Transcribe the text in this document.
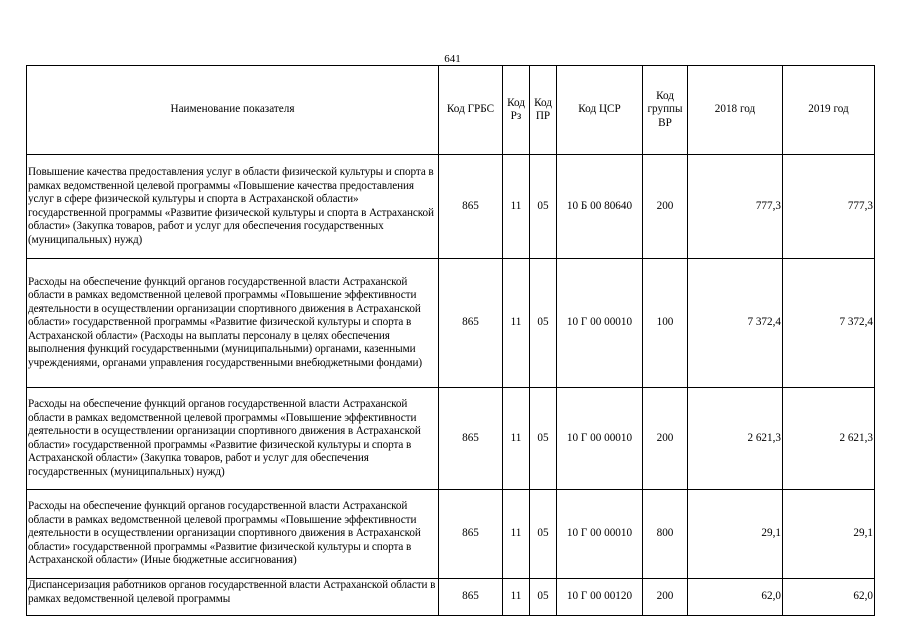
641
Наименование показателя	Код ГРБС	Код Рз	Код ПР	Код ЦСР	Код группы ВР	2018 год	2019 год
Повышение качества предоставления услуг в области физической культуры и спорта в рамках ведомственной целевой программы «Повышение качества предоставления услуг в сфере физической культуры и спорта в Астраханской области» государственной программы «Развитие физической культуры и спорта в Астраханской области» (Закупка товаров, работ и услуг для обеспечения государственных (муниципальных) нужд)	865	11	05	10 Б 00 80640	200	777,3	777,3
Расходы на обеспечение функций органов государственной власти Астраханской области в рамках ведомственной целевой программы «Повышение эффективности деятельности в осуществлении организации спортивного движения в Астраханской области» государственной программы «Развитие физической культуры и спорта в Астраханской области» (Расходы на выплаты персоналу в целях обеспечения выполнения функций государственными (муниципальными) органами, казенными учреждениями, органами управления государственными внебюджетными фондами)	865	11	05	10 Г 00 00010	100	7 372,4	7 372,4
Расходы на обеспечение функций органов государственной власти Астраханской области в рамках ведомственной целевой программы «Повышение эффективности деятельности в осуществлении организации спортивного движения в Астраханской области» государственной программы «Развитие физической культуры и спорта в Астраханской области» (Закупка товаров, работ и услуг для обеспечения государственных (муниципальных) нужд)	865	11	05	10 Г 00 00010	200	2 621,3	2 621,3
Расходы на обеспечение функций органов государственной власти Астраханской области в рамках ведомственной целевой программы «Повышение эффективности деятельности в осуществлении организации спортивного движения в Астраханской области» государственной программы «Развитие физической культуры и спорта в Астраханской области» (Иные бюджетные ассигнования)	865	11	05	10 Г 00 00010	800	29,1	29,1
Диспансеризация работников органов государственной власти Астраханской области в рамках ведомственной целевой программы	865	11	05	10 Г 00 00120	200	62,0	62,0
